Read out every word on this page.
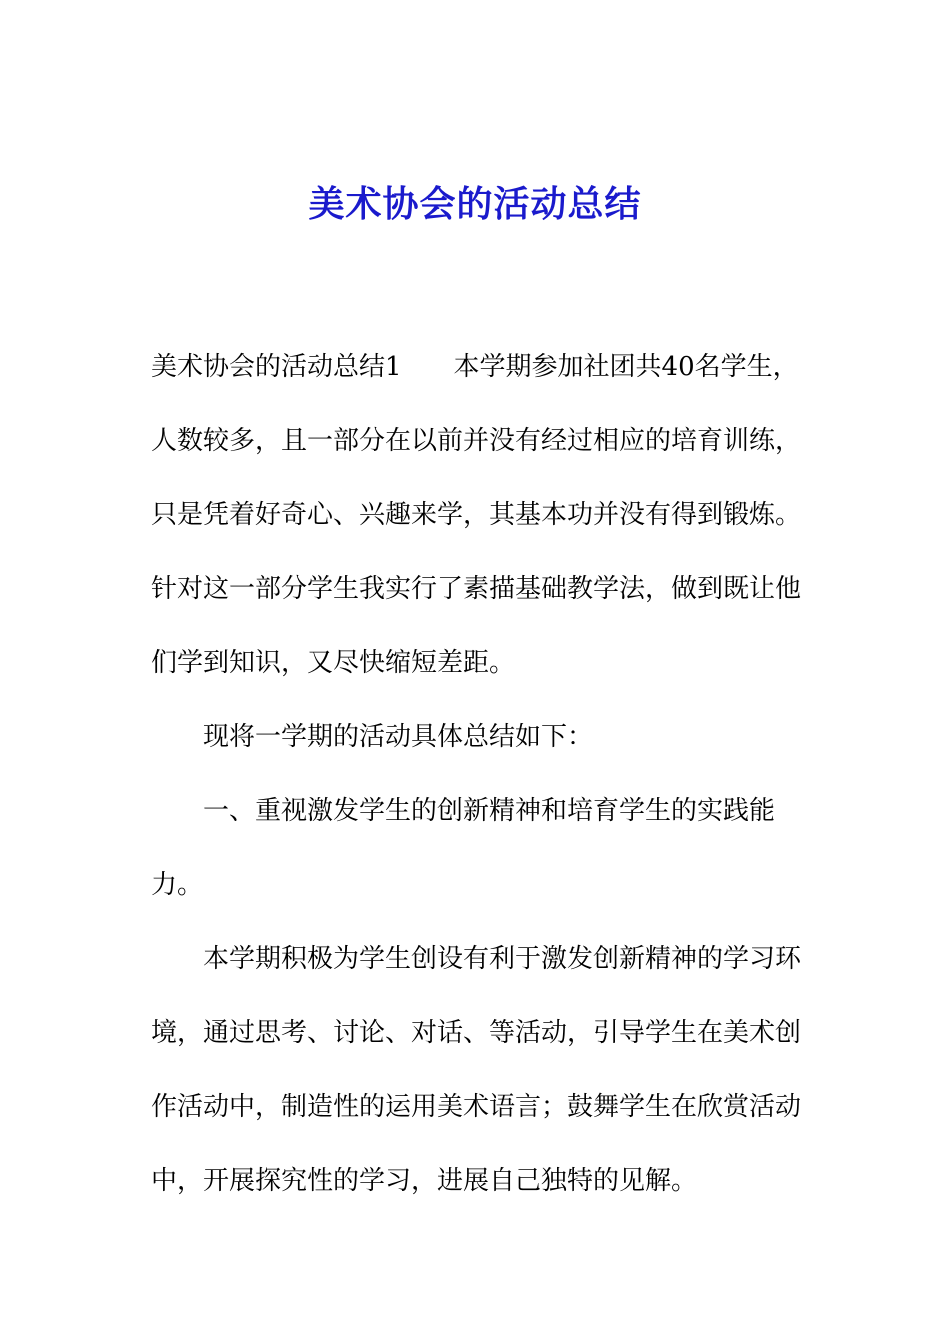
美术协会的活动总结
美术协会的活动总结1 本学期参加社团共40名学生，
人数较多，且一部分在以前并没有经过相应的培育训练，
只是凭着好奇心、兴趣来学，其基本功并没有得到锻炼。
针对这一部分学生我实行了素描基础教学法，做到既让他
们学到知识，又尽快缩短差距。
现将一学期的活动具体总结如下：
一、重视激发学生的创新精神和培育学生的实践能
力。
本学期积极为学生创设有利于激发创新精神的学习环
境，通过思考、讨论、对话、等活动，引导学生在美术创
作活动中，制造性的运用美术语言；鼓舞学生在欣赏活动
中，开展探究性的学习，进展自己独特的见解。
